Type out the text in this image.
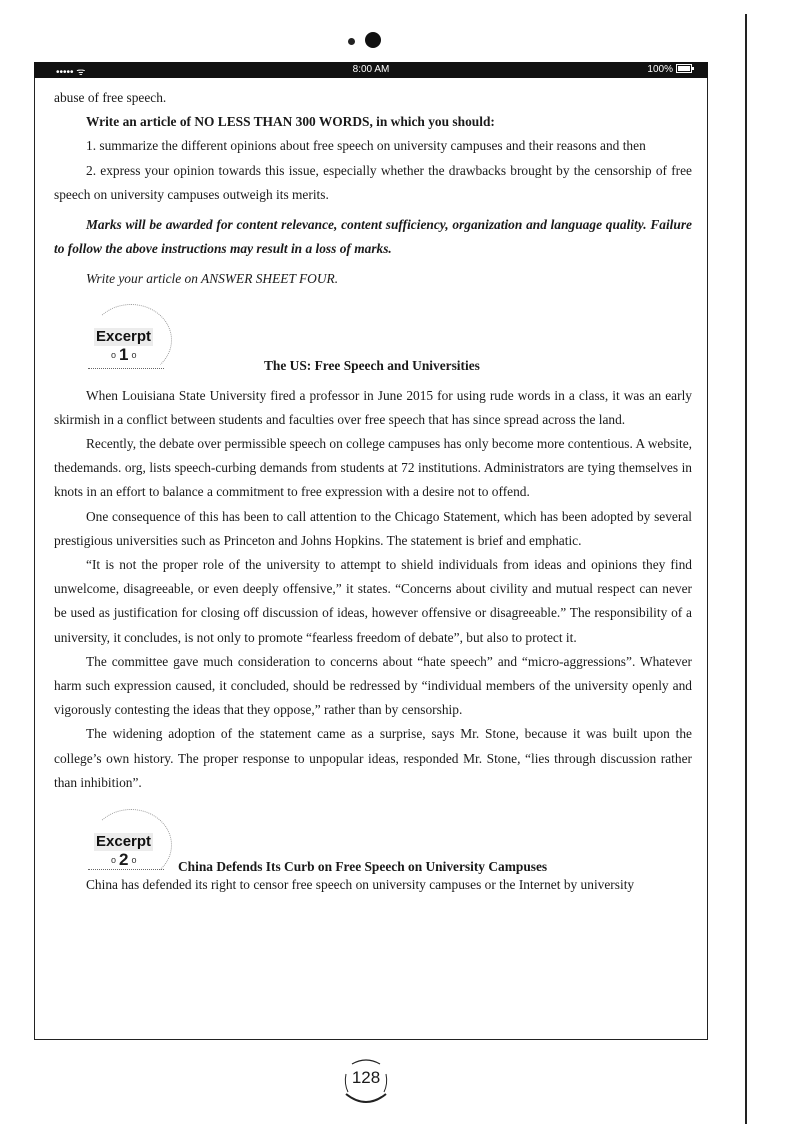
••••• ᯤ	8:00 AM	100%

abuse of free speech.

Write an article of NO LESS THAN 300 WORDS, in which you should:

1. summarize the different opinions about free speech on university campuses and their reasons and then

2. express your opinion towards this issue, especially whether the drawbacks brought by the censorship of free speech on university campuses outweigh its merits.

Marks will be awarded for content relevance, content sufficiency, organization and language quality. Failure to follow the above instructions may result in a loss of marks.

Write your article on ANSWER SHEET FOUR.

Excerpt
o 1 o
The US: Free Speech and Universities

When Louisiana State University fired a professor in June 2015 for using rude words in a class, it was an early skirmish in a conflict between students and faculties over free speech that has since spread across the land.

Recently, the debate over permissible speech on college campuses has only become more contentious. A website, thedemands. org, lists speech-curbing demands from students at 72 institutions. Administrators are tying themselves in knots in an effort to balance a commitment to free expression with a desire not to offend.

One consequence of this has been to call attention to the Chicago Statement, which has been adopted by several prestigious universities such as Princeton and Johns Hopkins. The statement is brief and emphatic.

“It is not the proper role of the university to attempt to shield individuals from ideas and opinions they find unwelcome, disagreeable, or even deeply offensive,” it states. “Concerns about civility and mutual respect can never be used as justification for closing off discussion of ideas, however offensive or disagreeable.” The responsibility of a university, it concludes, is not only to promote “fearless freedom of debate”, but also to protect it.

The committee gave much consideration to concerns about “hate speech” and “micro-aggressions”. Whatever harm such expression caused, it concluded, should be redressed by “individual members of the university openly and vigorously contesting the ideas that they oppose,” rather than by censorship.

The widening adoption of the statement came as a surprise, says Mr. Stone, because it was built upon the college’s own history. The proper response to unpopular ideas, responded Mr. Stone, “lies through discussion rather than inhibition”.

Excerpt
o 2 o	China Defends Its Curb on Free Speech on University Campuses

China has defended its right to censor free speech on university campuses or the Internet by university

128
